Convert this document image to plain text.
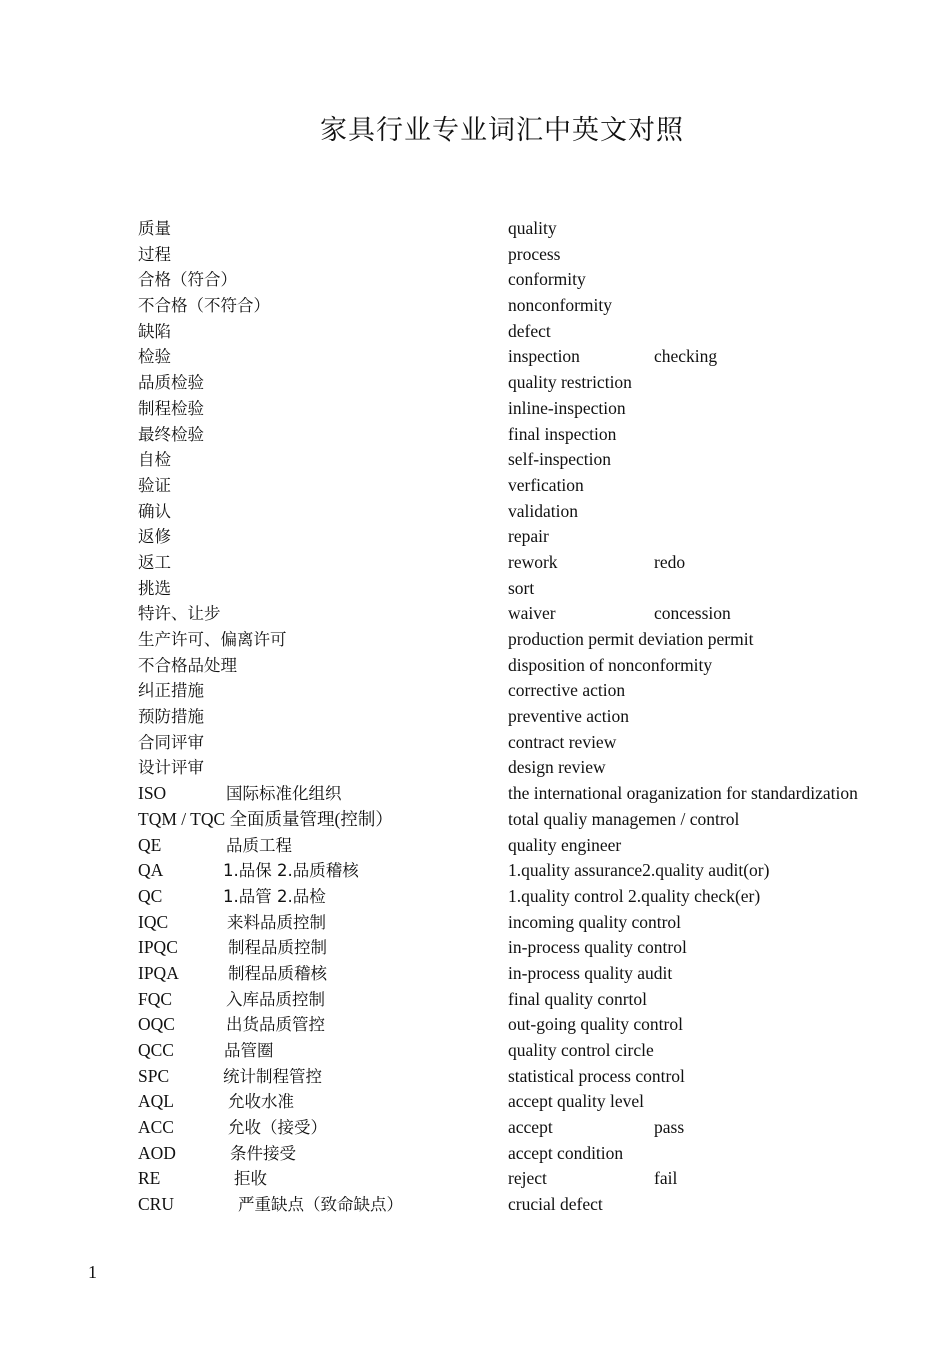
家具行业专业词汇中英文对照
质量	quality
过程	process
合格（符合）	conformity
不合格（不符合）	nonconformity
缺陷	defect
检验	inspection	checking
品质检验	quality restriction
制程检验	inline-inspection
最终检验	final inspection
自检	self-inspection
验证	verfication
确认	validation
返修	repair
返工	rework	redo
挑选	sort
特许、让步	waiver	concession
生产许可、偏离许可	production permit deviation permit
不合格品处理	disposition of nonconformity
纠正措施	corrective action
预防措施	preventive action
合同评审	contract review
设计评审	design review
ISO	国际标准化组织	the international oraganization for standardization
TQM / TQC 全面质量管理(控制）	total qualiy managemen / control
QE	品质工程	quality engineer
QA	1.品保 2.品质稽核	1.quality assurance2.quality audit(or)
QC	1.品管 2.品检	1.quality control 2.quality check(er)
IQC	来料品质控制	incoming quality control
IPQC	制程品质控制	in-process quality control
IPQA	制程品质稽核	in-process quality audit
FQC	入库品质控制	final quality conrtol
OQC	出货品质管控	out-going quality control
QCC	品管圈	quality control circle
SPC	统计制程管控	statistical process control
AQL	允收水准	accept quality level
ACC	允收（接受）	accept	pass
AOD	条件接受	accept condition
RE	拒收	reject	fail
CRU	严重缺点（致命缺点）	crucial defect
1
